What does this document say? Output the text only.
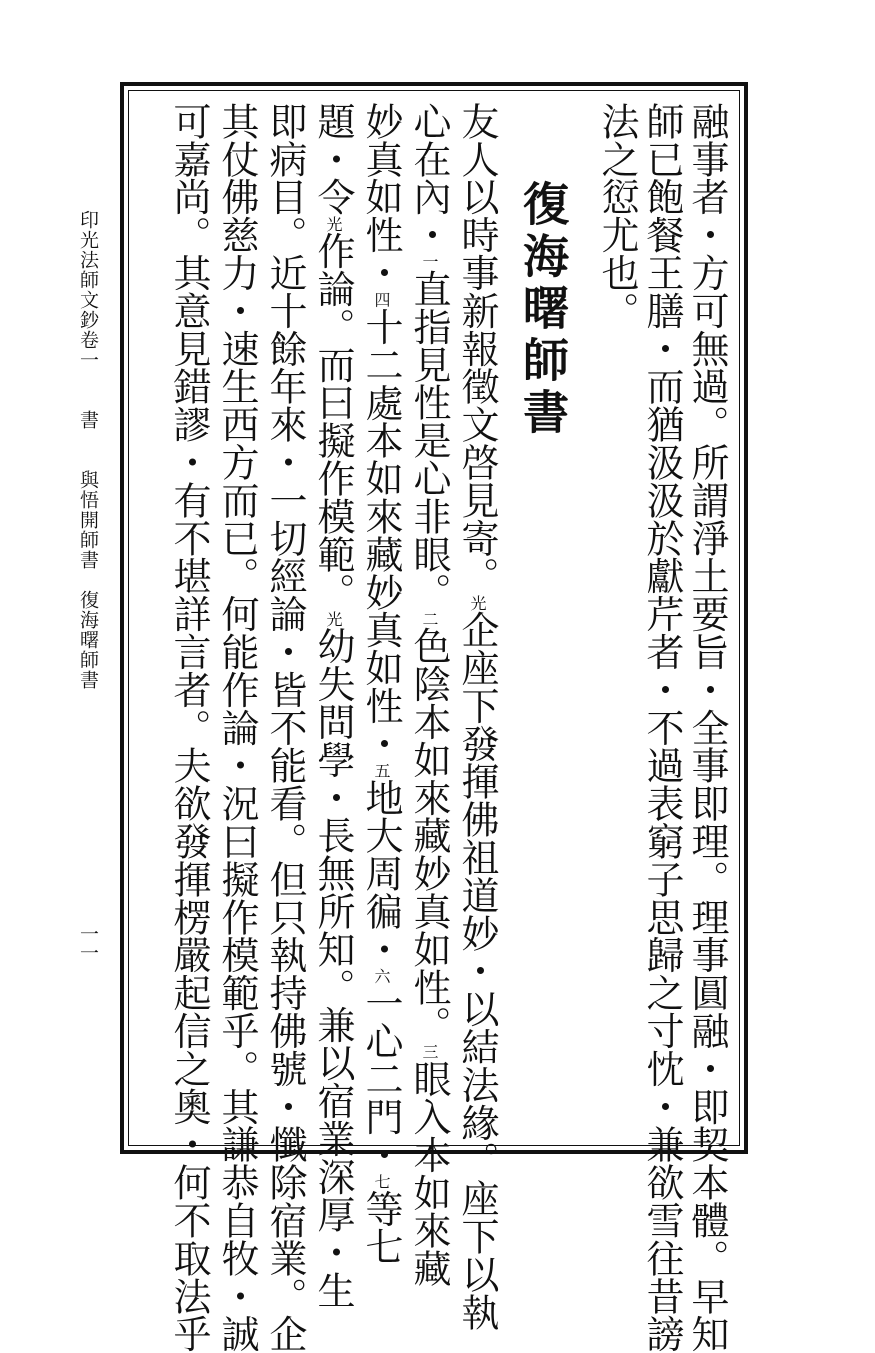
融事者・方可無過。所謂淨土要旨・全事即理。理事圓融・即契本體。早知
師已飽餐王膳・而猶汲汲於獻芹者・不過表窮子思歸之寸忱・兼欲雪往昔謗
法之愆尤也。
復海曙師書
友人以時事新報徵文啓見寄。光企座下發揮佛祖道妙・以結法緣。座下以執
心在內・一直指見性是心非眼。二色陰本如來藏妙真如性。三眼入本如來藏
妙真如性・四十二處本如來藏妙真如性・五地大周徧・六一心二門・七等七
題・令光作論。而曰擬作模範。光幼失問學・長無所知。兼以宿業深厚・生
即病目。近十餘年來・一切經論・皆不能看。但只執持佛號・懺除宿業。企
其仗佛慈力・速生西方而已。何能作論・況曰擬作模範乎。其謙恭自牧・誠
可嘉尚。其意見錯謬・有不堪詳言者。夫欲發揮楞嚴起信之奧・何不取法乎
印光法師文鈔卷一　　書　　與悟開師書　復海曙師書
一一
